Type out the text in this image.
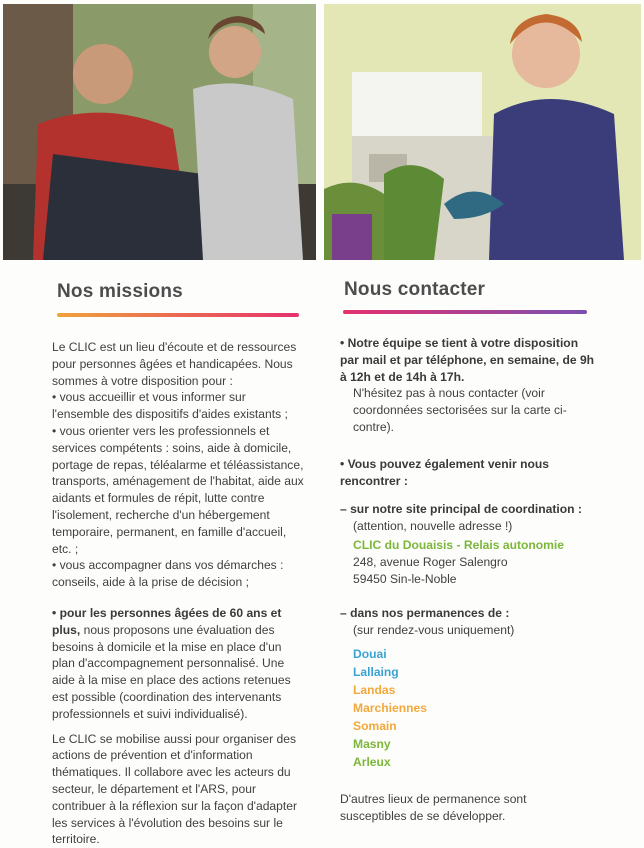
Nos missions

Le CLIC est un lieu d'écoute et de ressources pour personnes âgées et handicapées. Nous sommes à votre disposition pour :

• vous accueillir et vous informer sur l'ensemble des dispositifs d'aides existants ;

• vous orienter vers les professionnels et services compétents : soins, aide à domicile, portage de repas, téléalarme et téléassistance, transports, aménagement de l'habitat, aide aux aidants et formules de répit, lutte contre l'isolement, recherche d'un hébergement temporaire, permanent, en famille d'accueil, etc. ;

• vous accompagner dans vos démarches : conseils, aide à la prise de décision ;

• pour les personnes âgées de 60 ans et plus, nous proposons une évaluation des besoins à domicile et la mise en place d'un plan d'accompagnement personnalisé. Une aide à la mise en place des actions retenues est possible (coordination des intervenants professionnels et suivi individualisé).

Le CLIC se mobilise aussi pour organiser des actions de prévention et d'information thématiques. Il collabore avec les acteurs du secteur, le département et l'ARS, pour contribuer à la réflexion sur la façon d'adapter les services à l'évolution des besoins sur le territoire.

Nous contacter

• Notre équipe se tient à votre disposition par mail et par téléphone, en semaine, de 9h à 12h et de 14h à 17h.

N'hésitez pas à nous contacter (voir coordonnées sectorisées sur la carte ci-contre).

• Vous pouvez également venir nous rencontrer :

– sur notre site principal de coordination :

(attention, nouvelle adresse !)

CLIC du Douaisis - Relais autonomie

248, avenue Roger Salengro

59450 Sin-le-Noble

– dans nos permanences de :

(sur rendez-vous uniquement)

Douai

Lallaing

Landas

Marchiennes

Somain

Masny

Arleux

D'autres lieux de permanence sont susceptibles de se développer.
